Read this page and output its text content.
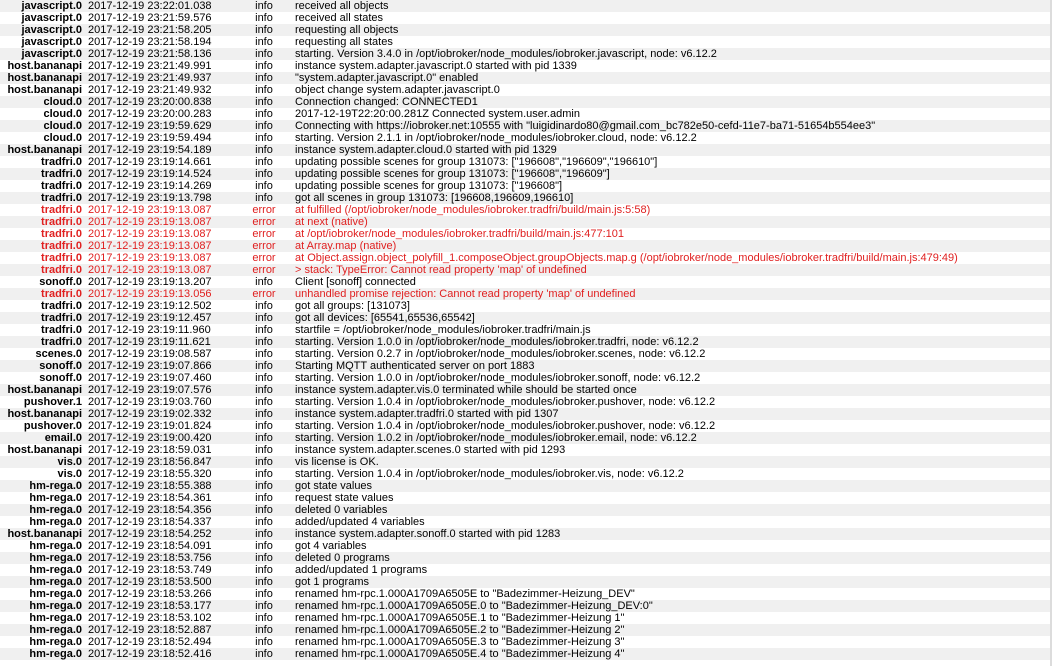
javascript.0	2017-12-19 23:22:01.038	info	received all objects
javascript.0	2017-12-19 23:21:59.576	info	received all states
javascript.0	2017-12-19 23:21:58.205	info	requesting all objects
javascript.0	2017-12-19 23:21:58.194	info	requesting all states
javascript.0	2017-12-19 23:21:58.136	info	starting. Version 3.4.0 in /opt/iobroker/node_modules/iobroker.javascript, node: v6.12.2
host.bananapi	2017-12-19 23:21:49.991	info	instance system.adapter.javascript.0 started with pid 1339
host.bananapi	2017-12-19 23:21:49.937	info	"system.adapter.javascript.0" enabled
host.bananapi	2017-12-19 23:21:49.932	info	object change system.adapter.javascript.0
cloud.0	2017-12-19 23:20:00.838	info	Connection changed: CONNECTED1
cloud.0	2017-12-19 23:20:00.283	info	2017-12-19T22:20:00.281Z Connected system.user.admin
cloud.0	2017-12-19 23:19:59.629	info	Connecting with https://iobroker.net:10555 with "luigidinardo80@gmail.com_bc782e50-cefd-11e7-ba71-51654b554ee3"
cloud.0	2017-12-19 23:19:59.494	info	starting. Version 2.1.1 in /opt/iobroker/node_modules/iobroker.cloud, node: v6.12.2
host.bananapi	2017-12-19 23:19:54.189	info	instance system.adapter.cloud.0 started with pid 1329
tradfri.0	2017-12-19 23:19:14.661	info	updating possible scenes for group 131073: ["196608","196609","196610"]
tradfri.0	2017-12-19 23:19:14.524	info	updating possible scenes for group 131073: ["196608","196609"]
tradfri.0	2017-12-19 23:19:14.269	info	updating possible scenes for group 131073: ["196608"]
tradfri.0	2017-12-19 23:19:13.798	info	got all scenes in group 131073: [196608,196609,196610]
tradfri.0	2017-12-19 23:19:13.087	error	at fulfilled (/opt/iobroker/node_modules/iobroker.tradfri/build/main.js:5:58)
tradfri.0	2017-12-19 23:19:13.087	error	at next (native)
tradfri.0	2017-12-19 23:19:13.087	error	at /opt/iobroker/node_modules/iobroker.tradfri/build/main.js:477:101
tradfri.0	2017-12-19 23:19:13.087	error	at Array.map (native)
tradfri.0	2017-12-19 23:19:13.087	error	at Object.assign.object_polyfill_1.composeObject.groupObjects.map.g (/opt/iobroker/node_modules/iobroker.tradfri/build/main.js:479:49)
tradfri.0	2017-12-19 23:19:13.087	error	> stack: TypeError: Cannot read property 'map' of undefined
sonoff.0	2017-12-19 23:19:13.207	info	Client [sonoff] connected
tradfri.0	2017-12-19 23:19:13.056	error	unhandled promise rejection: Cannot read property 'map' of undefined
tradfri.0	2017-12-19 23:19:12.502	info	got all groups: [131073]
tradfri.0	2017-12-19 23:19:12.457	info	got all devices: [65541,65536,65542]
tradfri.0	2017-12-19 23:19:11.960	info	startfile = /opt/iobroker/node_modules/iobroker.tradfri/main.js
tradfri.0	2017-12-19 23:19:11.621	info	starting. Version 1.0.0 in /opt/iobroker/node_modules/iobroker.tradfri, node: v6.12.2
scenes.0	2017-12-19 23:19:08.587	info	starting. Version 0.2.7 in /opt/iobroker/node_modules/iobroker.scenes, node: v6.12.2
sonoff.0	2017-12-19 23:19:07.866	info	Starting MQTT authenticated server on port 1883
sonoff.0	2017-12-19 23:19:07.460	info	starting. Version 1.0.0 in /opt/iobroker/node_modules/iobroker.sonoff, node: v6.12.2
host.bananapi	2017-12-19 23:19:07.576	info	instance system.adapter.vis.0 terminated while should be started once
pushover.1	2017-12-19 23:19:03.760	info	starting. Version 1.0.4 in /opt/iobroker/node_modules/iobroker.pushover, node: v6.12.2
host.bananapi	2017-12-19 23:19:02.332	info	instance system.adapter.tradfri.0 started with pid 1307
pushover.0	2017-12-19 23:19:01.824	info	starting. Version 1.0.4 in /opt/iobroker/node_modules/iobroker.pushover, node: v6.12.2
email.0	2017-12-19 23:19:00.420	info	starting. Version 1.0.2 in /opt/iobroker/node_modules/iobroker.email, node: v6.12.2
host.bananapi	2017-12-19 23:18:59.031	info	instance system.adapter.scenes.0 started with pid 1293
vis.0	2017-12-19 23:18:56.847	info	vis license is OK.
vis.0	2017-12-19 23:18:55.320	info	starting. Version 1.0.4 in /opt/iobroker/node_modules/iobroker.vis, node: v6.12.2
hm-rega.0	2017-12-19 23:18:55.388	info	got state values
hm-rega.0	2017-12-19 23:18:54.361	info	request state values
hm-rega.0	2017-12-19 23:18:54.356	info	deleted 0 variables
hm-rega.0	2017-12-19 23:18:54.337	info	added/updated 4 variables
host.bananapi	2017-12-19 23:18:54.252	info	instance system.adapter.sonoff.0 started with pid 1283
hm-rega.0	2017-12-19 23:18:54.091	info	got 4 variables
hm-rega.0	2017-12-19 23:18:53.756	info	deleted 0 programs
hm-rega.0	2017-12-19 23:18:53.749	info	added/updated 1 programs
hm-rega.0	2017-12-19 23:18:53.500	info	got 1 programs
hm-rega.0	2017-12-19 23:18:53.266	info	renamed hm-rpc.1.000A1709A6505E to "Badezimmer-Heizung_DEV"
hm-rega.0	2017-12-19 23:18:53.177	info	renamed hm-rpc.1.000A1709A6505E.0 to "Badezimmer-Heizung_DEV:0"
hm-rega.0	2017-12-19 23:18:53.102	info	renamed hm-rpc.1.000A1709A6505E.1 to "Badezimmer-Heizung 1"
hm-rega.0	2017-12-19 23:18:52.887	info	renamed hm-rpc.1.000A1709A6505E.2 to "Badezimmer-Heizung 2"
hm-rega.0	2017-12-19 23:18:52.494	info	renamed hm-rpc.1.000A1709A6505E.3 to "Badezimmer-Heizung 3"
hm-rega.0	2017-12-19 23:18:52.416	info	renamed hm-rpc.1.000A1709A6505E.4 to "Badezimmer-Heizung 4"
